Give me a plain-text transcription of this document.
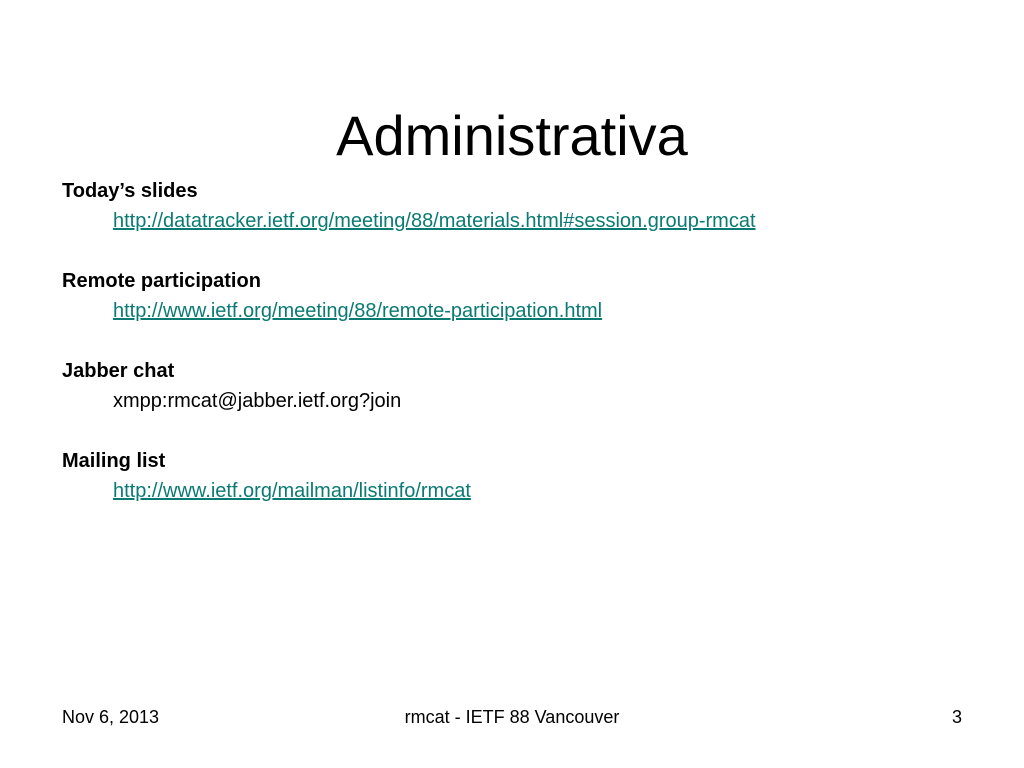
Administrativa
Today’s slides
http://datatracker.ietf.org/meeting/88/materials.html#session.group-rmcat
Remote participation
http://www.ietf.org/meeting/88/remote-participation.html
Jabber chat
xmpp:rmcat@jabber.ietf.org?join
Mailing list
http://www.ietf.org/mailman/listinfo/rmcat
Nov 6, 2013	rmcat - IETF 88 Vancouver	3
